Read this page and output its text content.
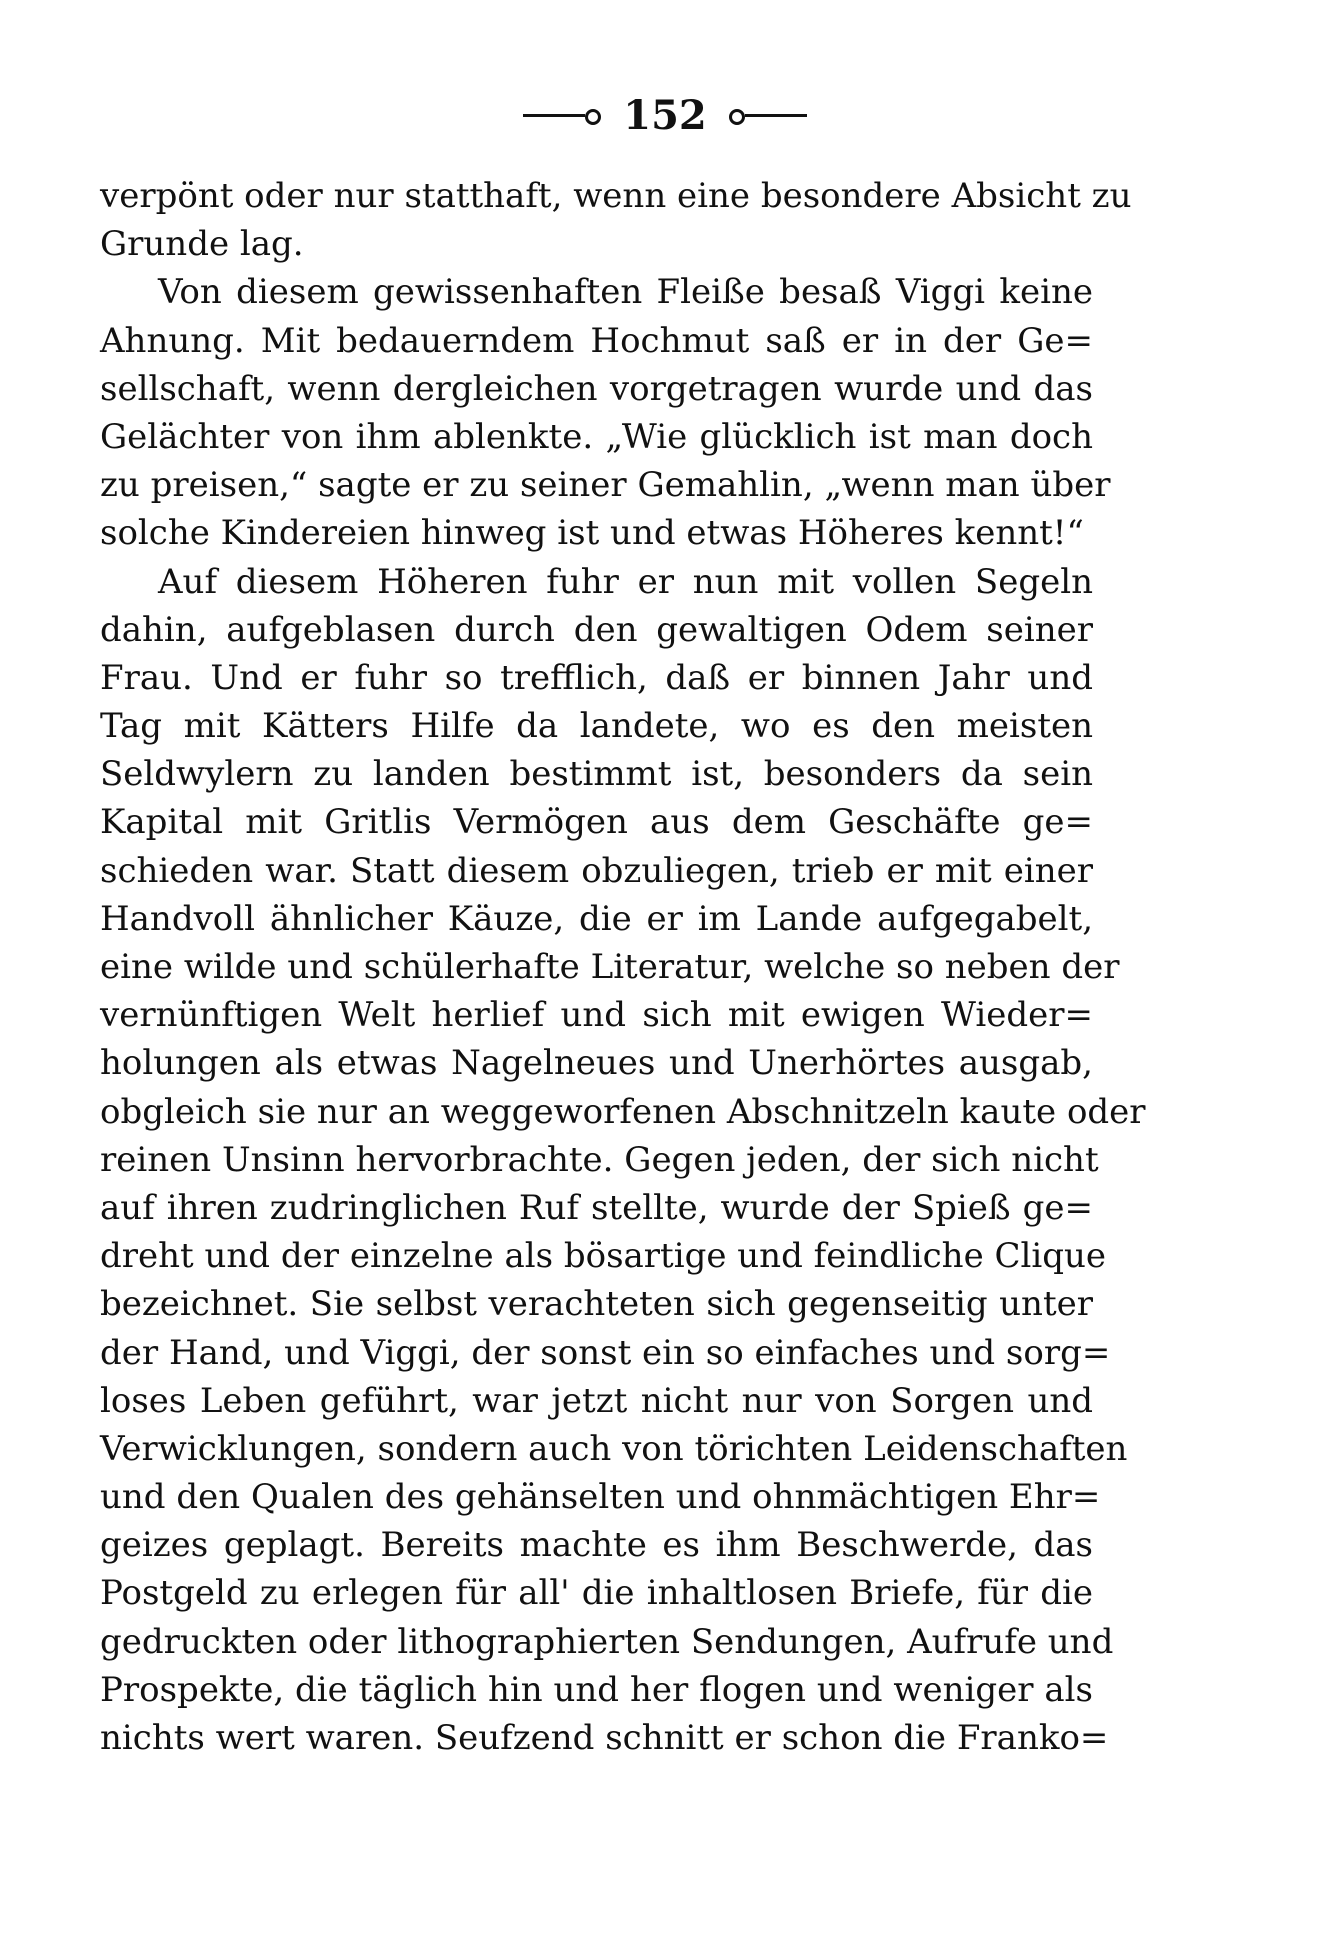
152
verpönt oder nur statthaft, wenn eine besondere Absicht zu
Grunde lag.
Von diesem gewissenhaften Fleiße besaß Viggi keine
Ahnung. Mit bedauerndem Hochmut saß er in der Ge=
sellschaft, wenn dergleichen vorgetragen wurde und das
Gelächter von ihm ablenkte. „Wie glücklich ist man doch
zu preisen,“ sagte er zu seiner Gemahlin, „wenn man über
solche Kindereien hinweg ist und etwas Höheres kennt!“
Auf diesem Höheren fuhr er nun mit vollen Segeln
dahin, aufgeblasen durch den gewaltigen Odem seiner
Frau. Und er fuhr so trefflich, daß er binnen Jahr und
Tag mit Kätters Hilfe da landete, wo es den meisten
Seldwylern zu landen bestimmt ist, besonders da sein
Kapital mit Gritlis Vermögen aus dem Geschäfte ge=
schieden war. Statt diesem obzuliegen, trieb er mit einer
Handvoll ähnlicher Käuze, die er im Lande aufgegabelt,
eine wilde und schülerhafte Literatur, welche so neben der
vernünftigen Welt herlief und sich mit ewigen Wieder=
holungen als etwas Nagelneues und Unerhörtes ausgab,
obgleich sie nur an weggeworfenen Abschnitzeln kaute oder
reinen Unsinn hervorbrachte. Gegen jeden, der sich nicht
auf ihren zudringlichen Ruf stellte, wurde der Spieß ge=
dreht und der einzelne als bösartige und feindliche Clique
bezeichnet. Sie selbst verachteten sich gegenseitig unter
der Hand, und Viggi, der sonst ein so einfaches und sorg=
loses Leben geführt, war jetzt nicht nur von Sorgen und
Verwicklungen, sondern auch von törichten Leidenschaften
und den Qualen des gehänselten und ohnmächtigen Ehr=
geizes geplagt. Bereits machte es ihm Beschwerde, das
Postgeld zu erlegen für all' die inhaltlosen Briefe, für die
gedruckten oder lithographierten Sendungen, Aufrufe und
Prospekte, die täglich hin und her flogen und weniger als
nichts wert waren. Seufzend schnitt er schon die Franko=
